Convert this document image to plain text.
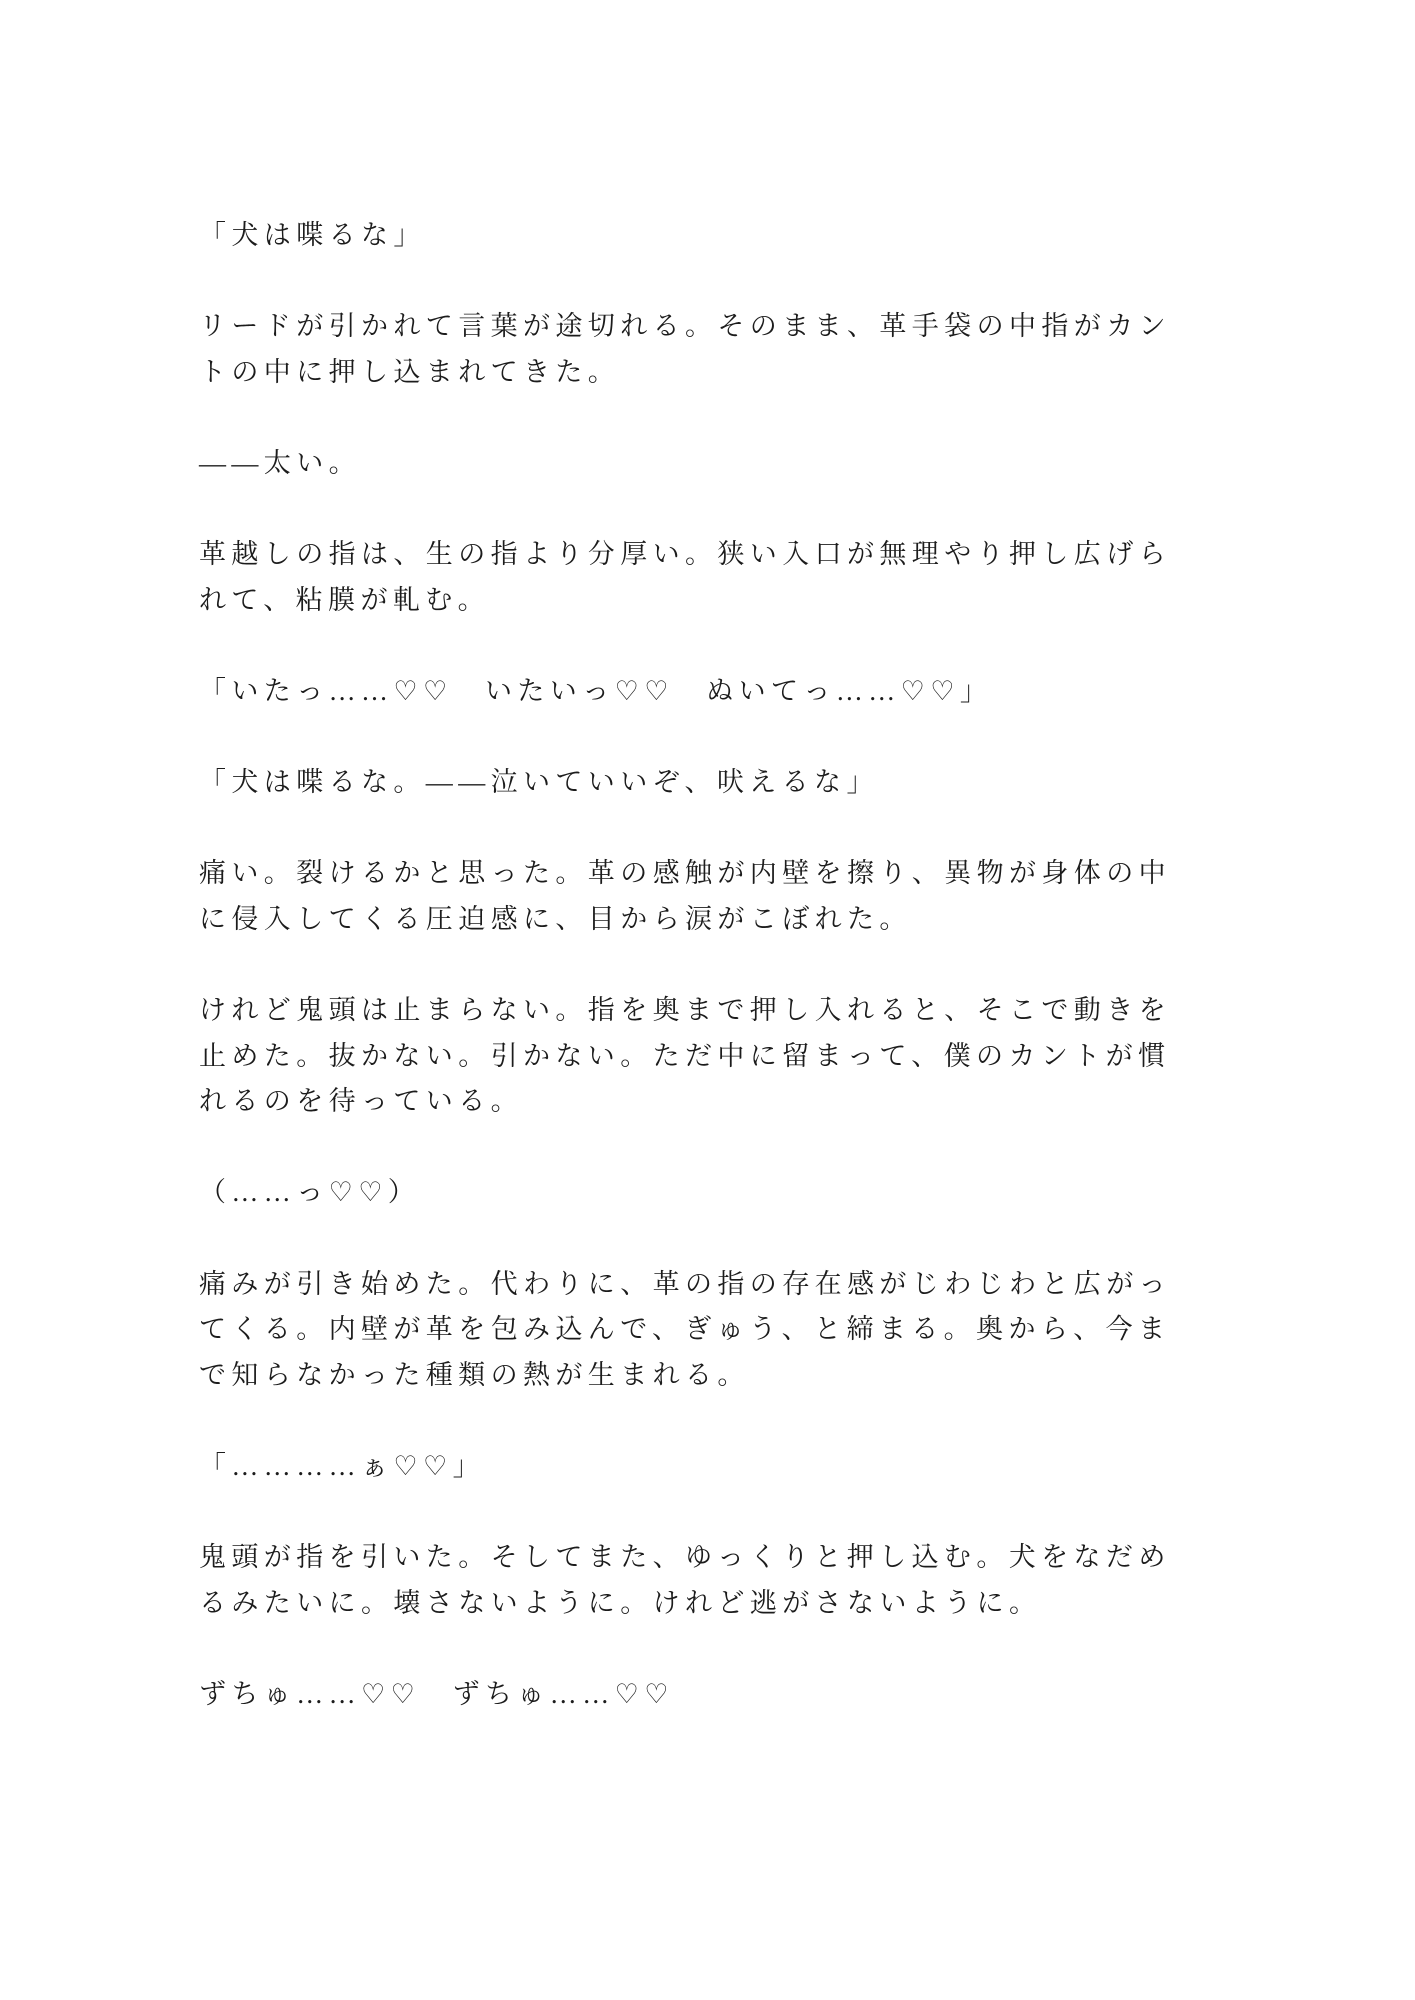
「犬は喋るな」

リードが引かれて言葉が途切れる。そのまま、革手袋の中指がカントの中に押し込まれてきた。

——太い。

革越しの指は、生の指より分厚い。狭い入口が無理やり押し広げられて、粘膜が軋む。

「いたっ……♡♡　いたいっ♡♡　ぬいてっ……♡♡」

「犬は喋るな。——泣いていいぞ、吠えるな」

痛い。裂けるかと思った。革の感触が内壁を擦り、異物が身体の中に侵入してくる圧迫感に、目から涙がこぼれた。

けれど鬼頭は止まらない。指を奥まで押し入れると、そこで動きを止めた。抜かない。引かない。ただ中に留まって、僕のカントが慣れるのを待っている。

（……っ♡♡）

痛みが引き始めた。代わりに、革の指の存在感がじわじわと広がってくる。内壁が革を包み込んで、ぎゅう、と締まる。奥から、今まで知らなかった種類の熱が生まれる。

「…………ぁ♡♡」

鬼頭が指を引いた。そしてまた、ゆっくりと押し込む。犬をなだめるみたいに。壊さないように。けれど逃がさないように。

ずちゅ……♡♡　ずちゅ……♡♡
